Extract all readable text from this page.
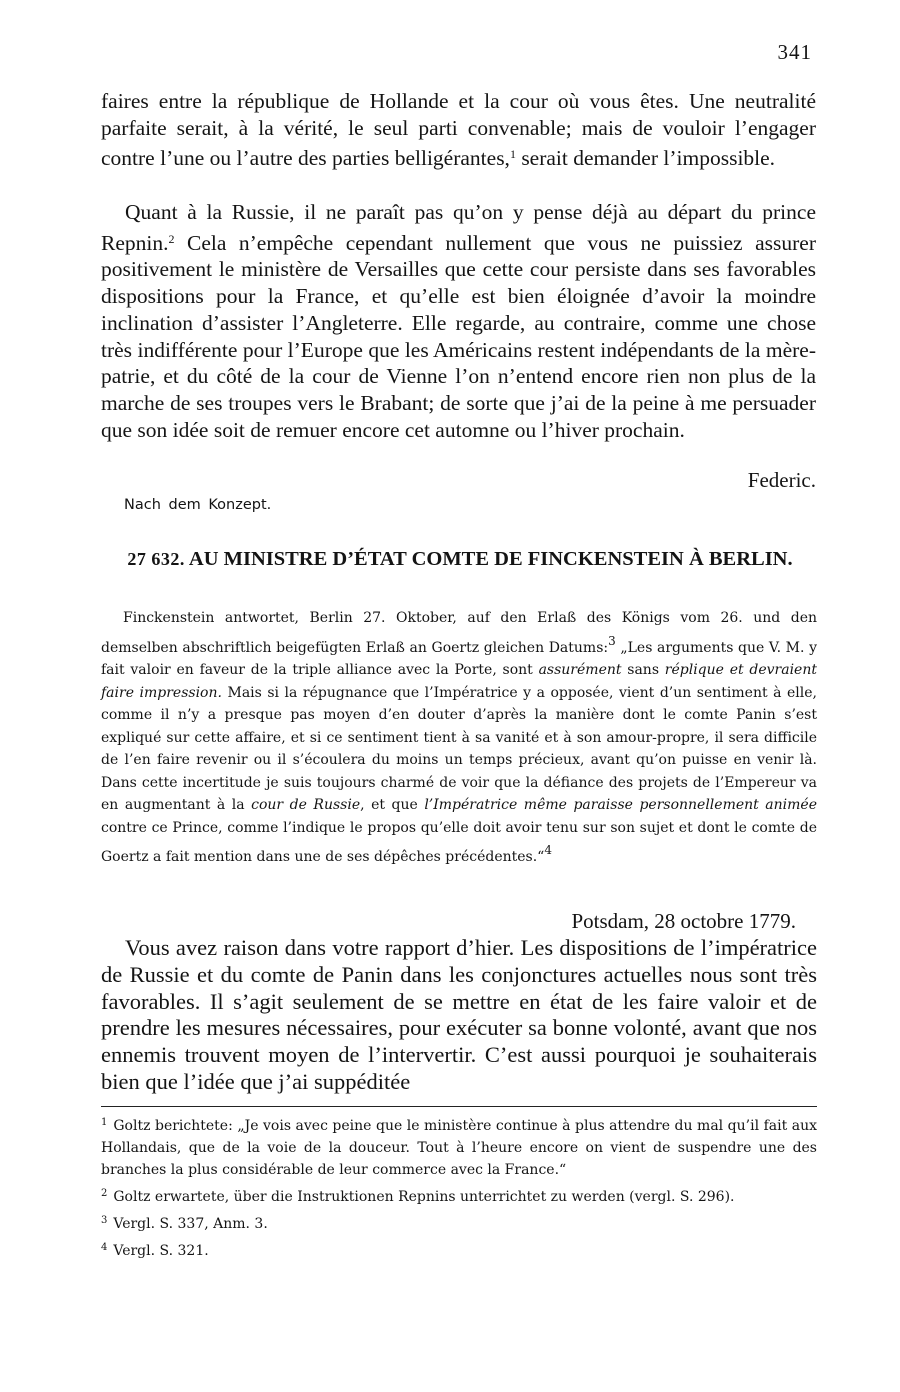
341

faires entre la république de Hollande et la cour où vous êtes. Une neutralité parfaite serait, à la vérité, le seul parti convenable; mais de vouloir l’engager contre l’une ou l’autre des parties belligérantes,$^1$ serait demander l’impossible.

Quant à la Russie, il ne paraît pas qu’on y pense déjà au départ du prince Repnin.$^2$ Cela n’empêche cependant nullement que vous ne puissiez assurer positivement le ministère de Versailles que cette cour persiste dans ses favorables dispositions pour la France, et qu’elle est bien éloignée d’avoir la moindre inclination d’assister l’Angleterre. Elle regarde, au contraire, comme une chose très indifférente pour l’Europe que les Américains restent indépendants de la mère-patrie, et du côté de la cour de Vienne l’on n’entend encore rien non plus de la marche de ses troupes vers le Brabant; de sorte que j’ai de la peine à me persuader que son idée soit de remuer encore cet automne ou l’hiver prochain.

Federic.
Nach dem Konzept.
27 632. AU MINISTRE D’ÉTAT COMTE DE FINCKENSTEIN À BERLIN.

Finckenstein antwortet, Berlin 27. Oktober, auf den Erlaß des Königs vom 26. und den demselben abschriftlich beigefügten Erlaß an Goertz gleichen Datums:$^3$ „Les arguments que V. M. y fait valoir en faveur de la triple alliance avec la Porte, sont assurément sans réplique et devraient faire impression. Mais si la répugnance que l’Impératrice y a opposée, vient d’un sentiment à elle, comme il n’y a presque pas moyen d’en douter d’après la manière dont le comte Panin s’est expliqué sur cette affaire, et si ce sentiment tient à sa vanité et à son amour-propre, il sera difficile de l’en faire revenir ou il s’écoulera du moins un temps précieux, avant qu’on puisse en venir là. Dans cette incertitude je suis toujours charmé de voir que la défiance des projets de l’Empereur va en augmentant à la cour de Russie, et que l’Impératrice même paraisse personnellement animée contre ce Prince, comme l’indique le propos qu’elle doit avoir tenu sur son sujet et dont le comte de Goertz a fait mention dans une de ses dépêches précédentes.“$^4$

Potsdam, 28 octobre 1779.

Vous avez raison dans votre rapport d’hier. Les dispositions de l’impératrice de Russie et du comte de Panin dans les conjonctures actuelles nous sont très favorables. Il s’agit seulement de se mettre en état de les faire valoir et de prendre les mesures nécessaires, pour exécuter sa bonne volonté, avant que nos ennemis trouvent moyen de l’intervertir. C’est aussi pourquoi je souhaiterais bien que l’idée que j’ai suppéditée

$^1$ Goltz berichtete: „Je vois avec peine que le ministère continue à plus attendre du mal qu’il fait aux Hollandais, que de la voie de la douceur. Tout à l’heure encore on vient de suspendre une des branches la plus considérable de leur commerce avec la France.“

$^2$ Goltz erwartete, über die Instruktionen Repnins unterrichtet zu werden (vergl. S. 296).

$^3$ Vergl. S. 337, Anm. 3.

$^4$ Vergl. S. 321.
